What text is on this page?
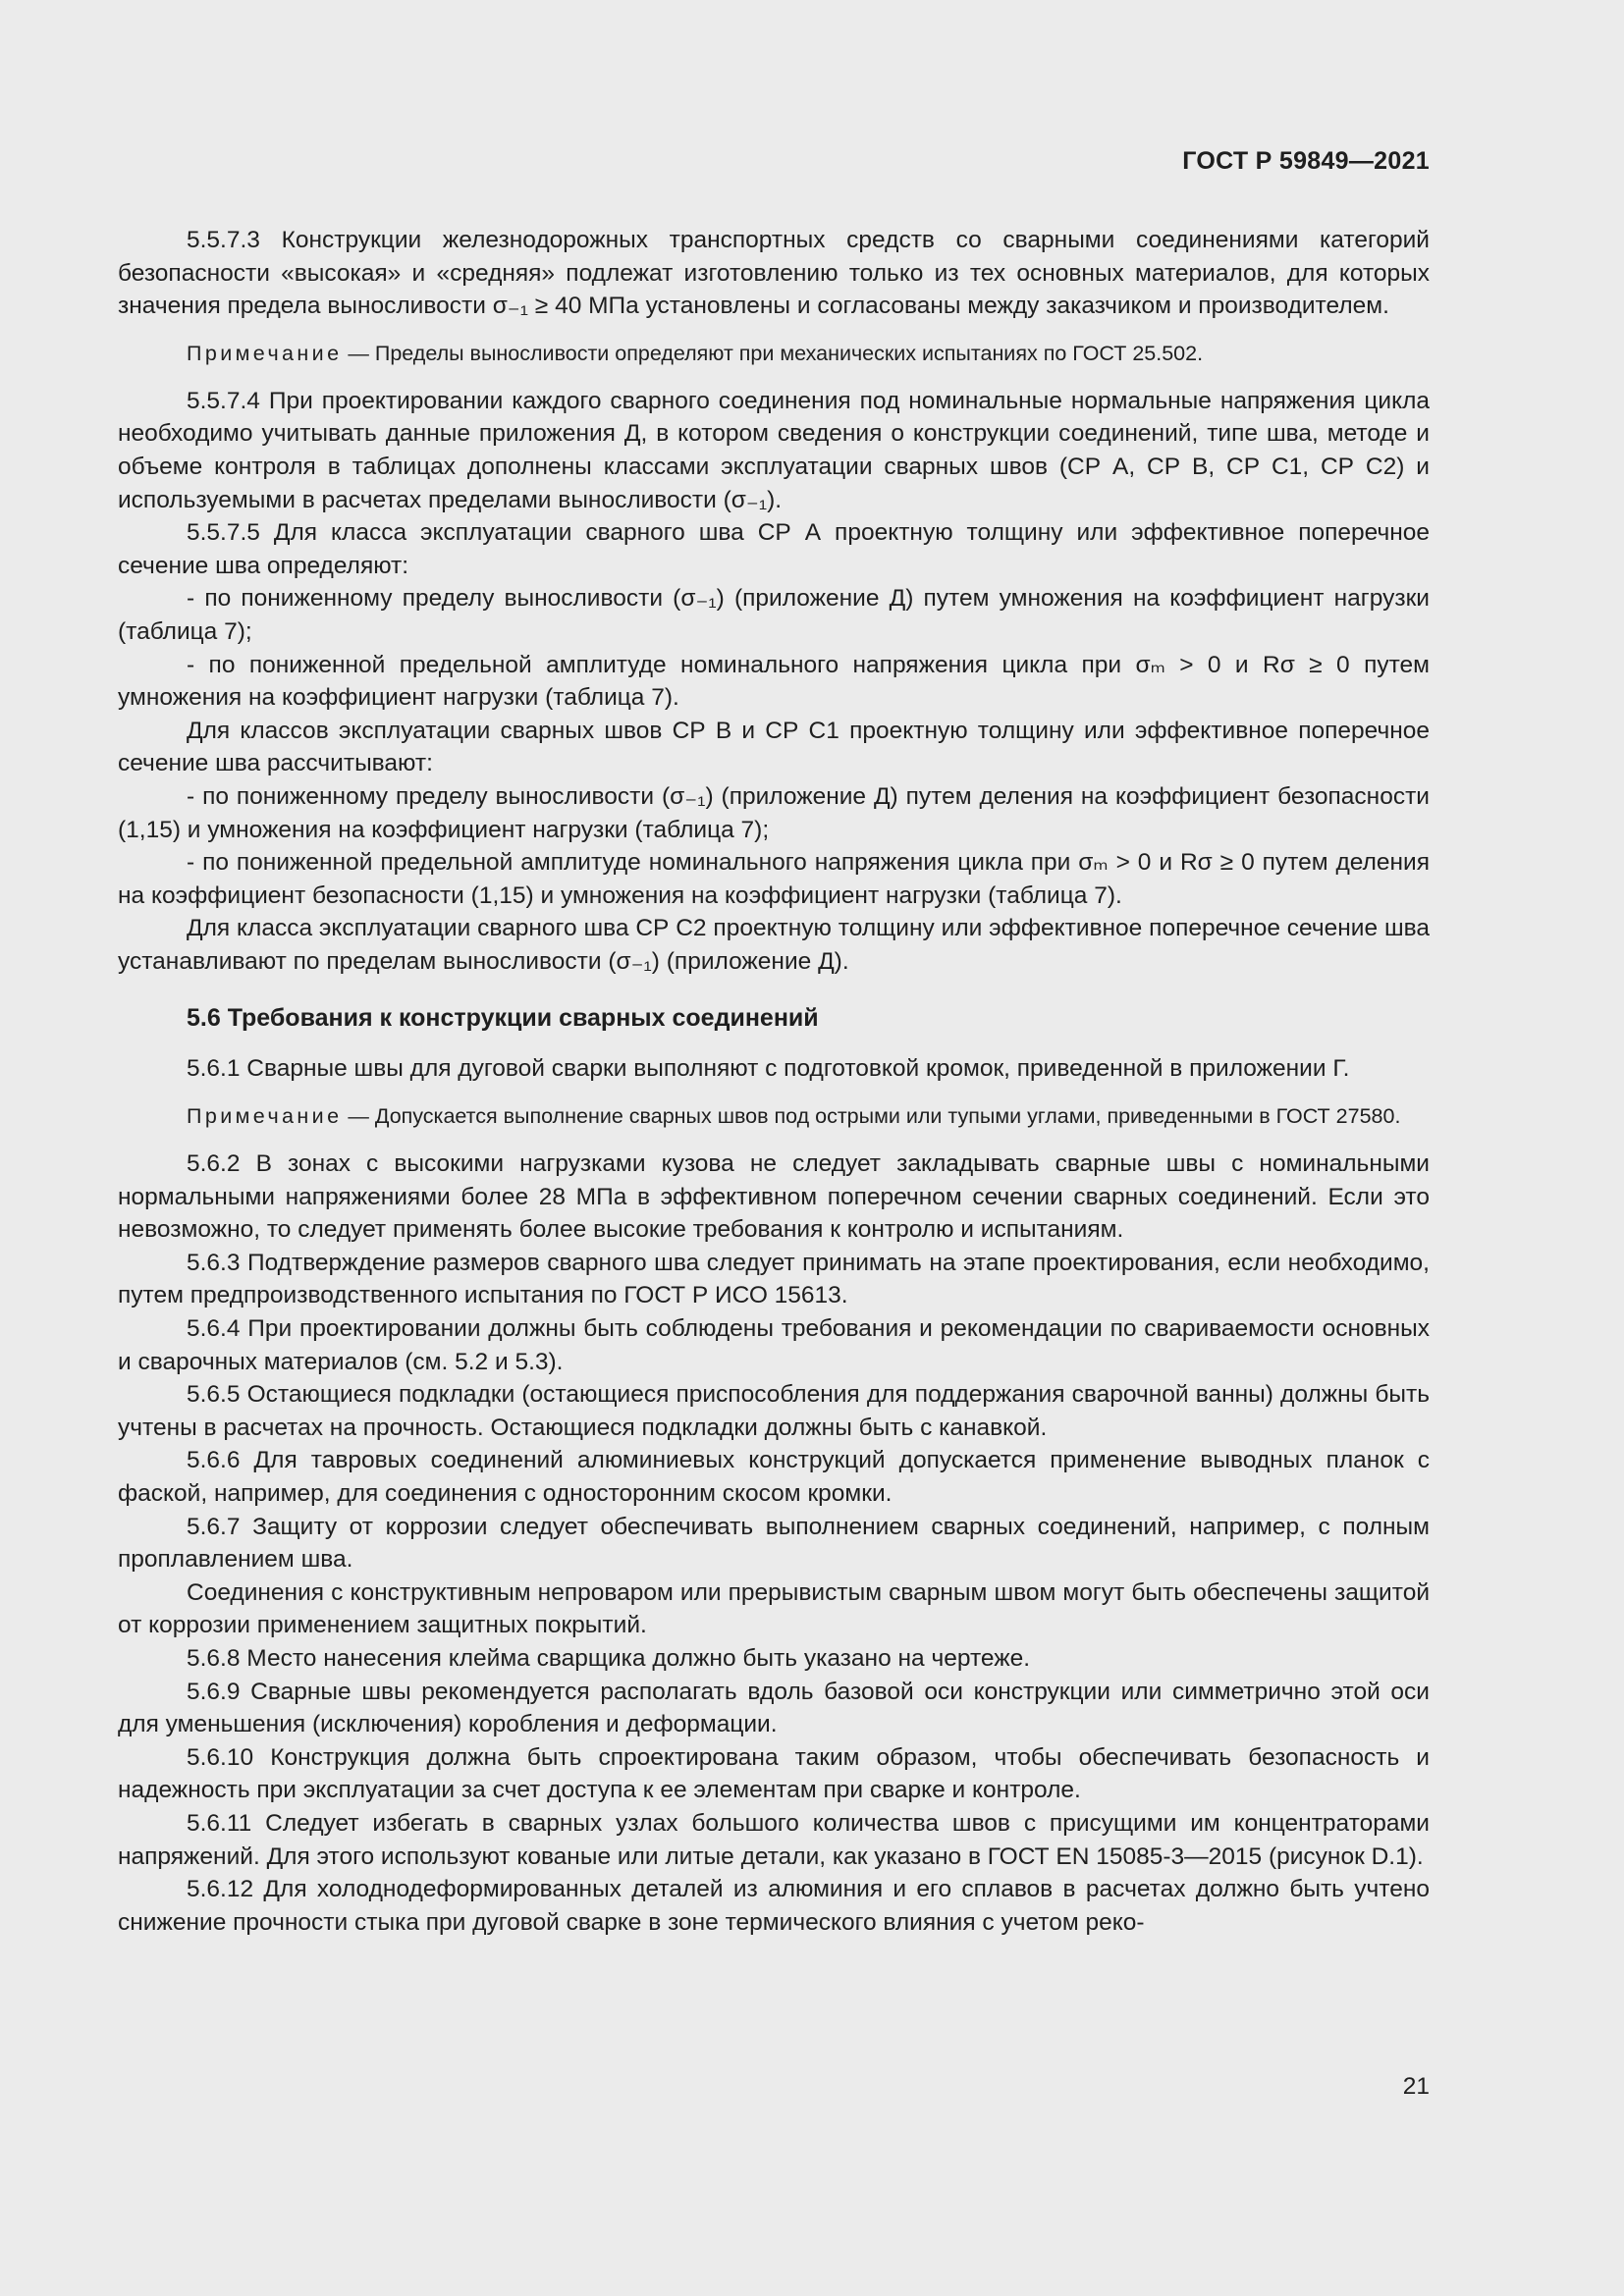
ГОСТ Р 59849—2021

5.5.7.3 Конструкции железнодорожных транспортных средств со сварными соединениями категорий безопасности «высокая» и «средняя» подлежат изготовлению только из тех основных материалов, для которых значения предела выносливости σ₋₁ ≥ 40 МПа установлены и согласованы между заказчиком и производителем.

Примечание — Пределы выносливости определяют при механических испытаниях по ГОСТ 25.502.

5.5.7.4 При проектировании каждого сварного соединения под номинальные нормальные напряжения цикла необходимо учитывать данные приложения Д, в котором сведения о конструкции соединений, типе шва, методе и объеме контроля в таблицах дополнены классами эксплуатации сварных швов (СР А, СР В, СР С1, СР С2) и используемыми в расчетах пределами выносливости (σ₋₁).

5.5.7.5 Для класса эксплуатации сварного шва СР А проектную толщину или эффективное поперечное сечение шва определяют:

- по пониженному пределу выносливости (σ₋₁) (приложение Д) путем умножения на коэффициент нагрузки (таблица 7);

- по пониженной предельной амплитуде номинального напряжения цикла при σₘ > 0 и Rσ ≥ 0 путем умножения на коэффициент нагрузки (таблица 7).

Для классов эксплуатации сварных швов СР В и СР С1 проектную толщину или эффективное поперечное сечение шва рассчитывают:

- по пониженному пределу выносливости (σ₋₁) (приложение Д) путем деления на коэффициент безопасности (1,15) и умножения на коэффициент нагрузки (таблица 7);

- по пониженной предельной амплитуде номинального напряжения цикла при σₘ > 0 и Rσ ≥ 0 путем деления на коэффициент безопасности (1,15) и умножения на коэффициент нагрузки (таблица 7).

Для класса эксплуатации сварного шва СР С2 проектную толщину или эффективное поперечное сечение шва устанавливают по пределам выносливости (σ₋₁) (приложение Д).

5.6 Требования к конструкции сварных соединений

5.6.1 Сварные швы для дуговой сварки выполняют с подготовкой кромок, приведенной в приложении Г.

Примечание — Допускается выполнение сварных швов под острыми или тупыми углами, приведенными в ГОСТ 27580.

5.6.2 В зонах с высокими нагрузками кузова не следует закладывать сварные швы с номинальными нормальными напряжениями более 28 МПа в эффективном поперечном сечении сварных соединений. Если это невозможно, то следует применять более высокие требования к контролю и испытаниям.

5.6.3 Подтверждение размеров сварного шва следует принимать на этапе проектирования, если необходимо, путем предпроизводственного испытания по ГОСТ Р ИСО 15613.

5.6.4 При проектировании должны быть соблюдены требования и рекомендации по свариваемости основных и сварочных материалов (см. 5.2 и 5.3).

5.6.5 Остающиеся подкладки (остающиеся приспособления для поддержания сварочной ванны) должны быть учтены в расчетах на прочность. Остающиеся подкладки должны быть с канавкой.

5.6.6 Для тавровых соединений алюминиевых конструкций допускается применение выводных планок с фаской, например, для соединения с односторонним скосом кромки.

5.6.7 Защиту от коррозии следует обеспечивать выполнением сварных соединений, например, с полным проплавлением шва.

Соединения с конструктивным непроваром или прерывистым сварным швом могут быть обеспечены защитой от коррозии применением защитных покрытий.

5.6.8 Место нанесения клейма сварщика должно быть указано на чертеже.

5.6.9 Сварные швы рекомендуется располагать вдоль базовой оси конструкции или симметрично этой оси для уменьшения (исключения) коробления и деформации.

5.6.10 Конструкция должна быть спроектирована таким образом, чтобы обеспечивать безопасность и надежность при эксплуатации за счет доступа к ее элементам при сварке и контроле.

5.6.11 Следует избегать в сварных узлах большого количества швов с присущими им концентраторами напряжений. Для этого используют кованые или литые детали, как указано в ГОСТ EN 15085-3—2015 (рисунок D.1).

5.6.12 Для холоднодеформированных деталей из алюминия и его сплавов в расчетах должно быть учтено снижение прочности стыка при дуговой сварке в зоне термического влияния с учетом реко-

21
